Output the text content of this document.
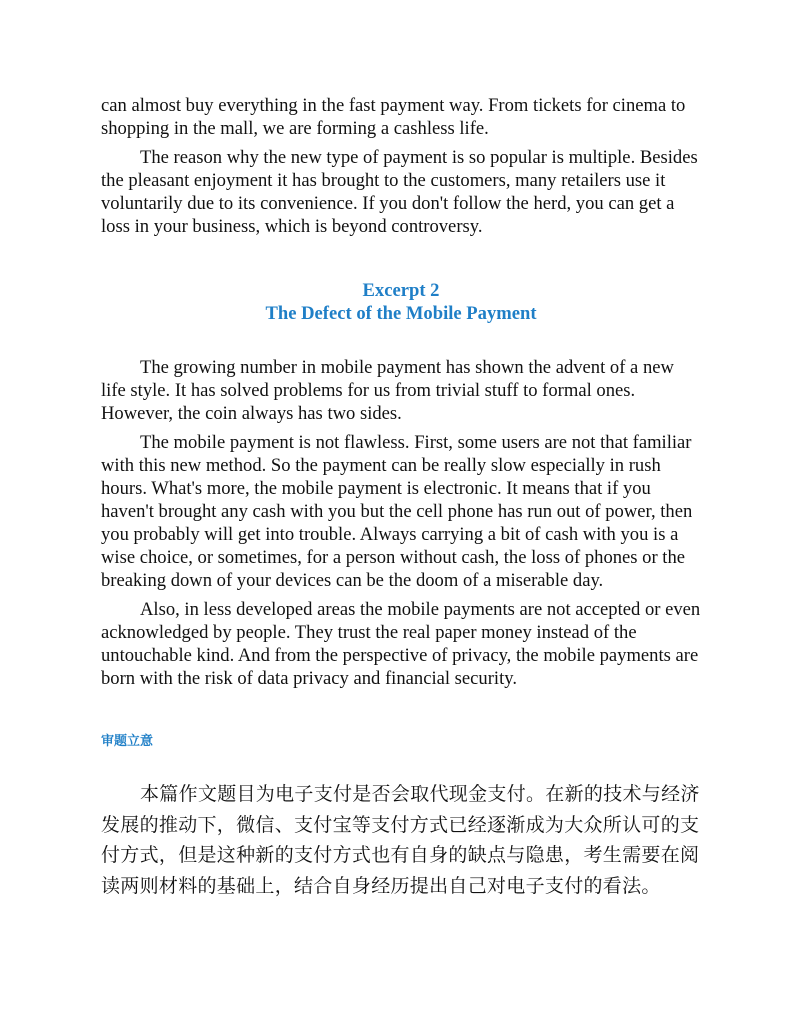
can almost buy everything in the fast payment way. From tickets for cinema to shopping in the mall, we are forming a cashless life.

The reason why the new type of payment is so popular is multiple. Besides the pleasant enjoyment it has brought to the customers, many retailers use it voluntarily due to its convenience. If you don't follow the herd, you can get a loss in your business, which is beyond controversy.

Excerpt 2
The Defect of the Mobile Payment

The growing number in mobile payment has shown the advent of a new life style. It has solved problems for us from trivial stuff to formal ones. However, the coin always has two sides.

The mobile payment is not flawless. First, some users are not that familiar with this new method. So the payment can be really slow especially in rush hours. What's more, the mobile payment is electronic. It means that if you haven't brought any cash with you but the cell phone has run out of power, then you probably will get into trouble. Always carrying a bit of cash with you is a wise choice, or sometimes, for a person without cash, the loss of phones or the breaking down of your devices can be the doom of a miserable day.

Also, in less developed areas the mobile payments are not accepted or even acknowledged by people. They trust the real paper money instead of the untouchable kind. And from the perspective of privacy, the mobile payments are born with the risk of data privacy and financial security.

审题立意

本篇作文题目为电子支付是否会取代现金支付。在新的技术与经济发展的推动下，微信、支付宝等支付方式已经逐渐成为大众所认可的支付方式，但是这种新的支付方式也有自身的缺点与隐患，考生需要在阅读两则材料的基础上，结合自身经历提出自己对电子支付的看法。
